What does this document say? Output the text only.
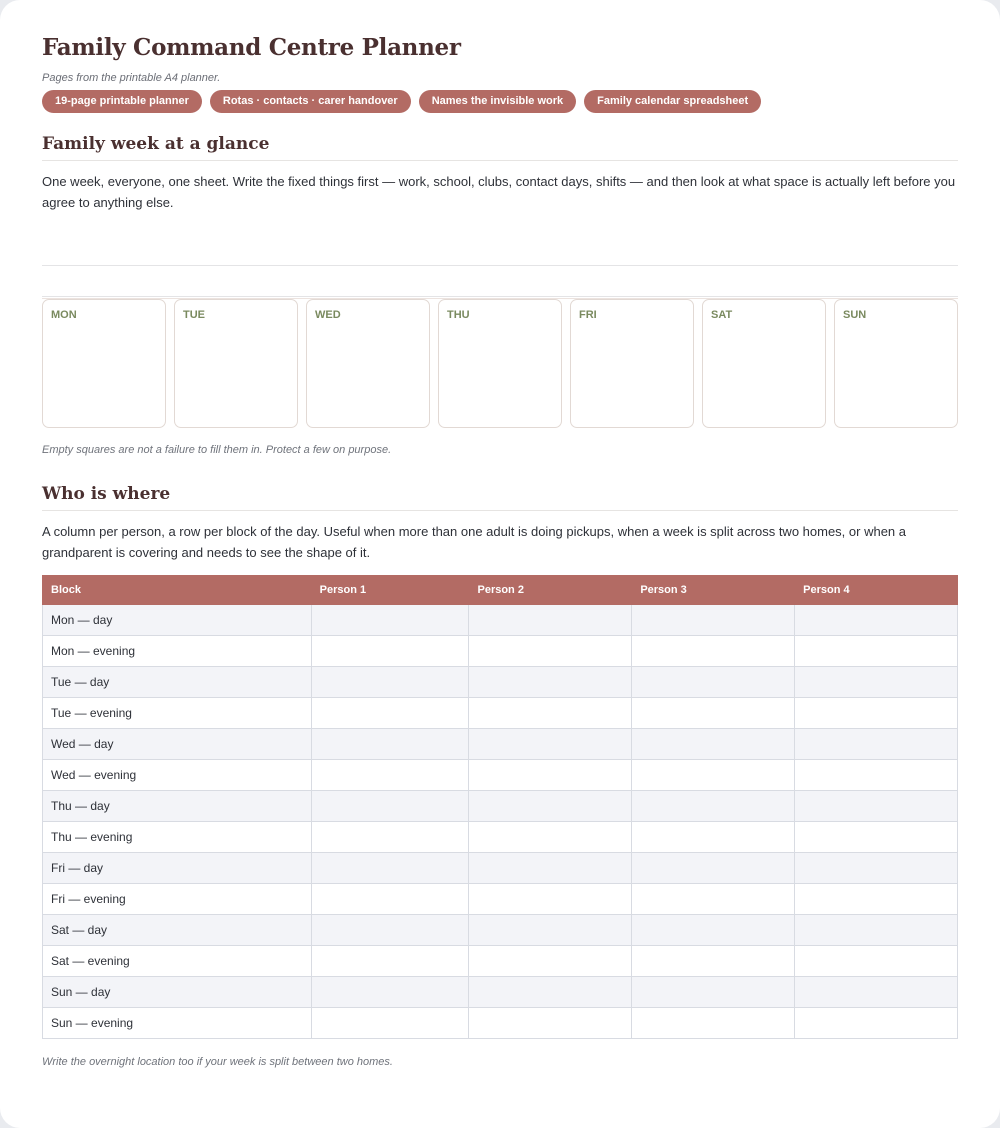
Family Command Centre Planner
Pages from the printable A4 planner.
19-page printable planner	Rotas · contacts · carer handover	Names the invisible work	Family calendar spreadsheet
Family week at a glance

One week, everyone, one sheet. Write the fixed things first — work, school, clubs, contact days, shifts — and then look at what space is actually left before you agree to anything else.

MON	TUE	WED	THU	FRI	SAT	SUN

Empty squares are not a failure to fill them in. Protect a few on purpose.

Who is where

A column per person, a row per block of the day. Useful when more than one adult is doing pickups, when a week is split across two homes, or when a grandparent is covering and needs to see the shape of it.

Block	Person 1	Person 2	Person 3	Person 4
Mon — day				
Mon — evening				
Tue — day				
Tue — evening				
Wed — day				
Wed — evening				
Thu — day				
Thu — evening				
Fri — day				
Fri — evening				
Sat — day				
Sat — evening				
Sun — day				
Sun — evening				

Write the overnight location too if your week is split between two homes.
